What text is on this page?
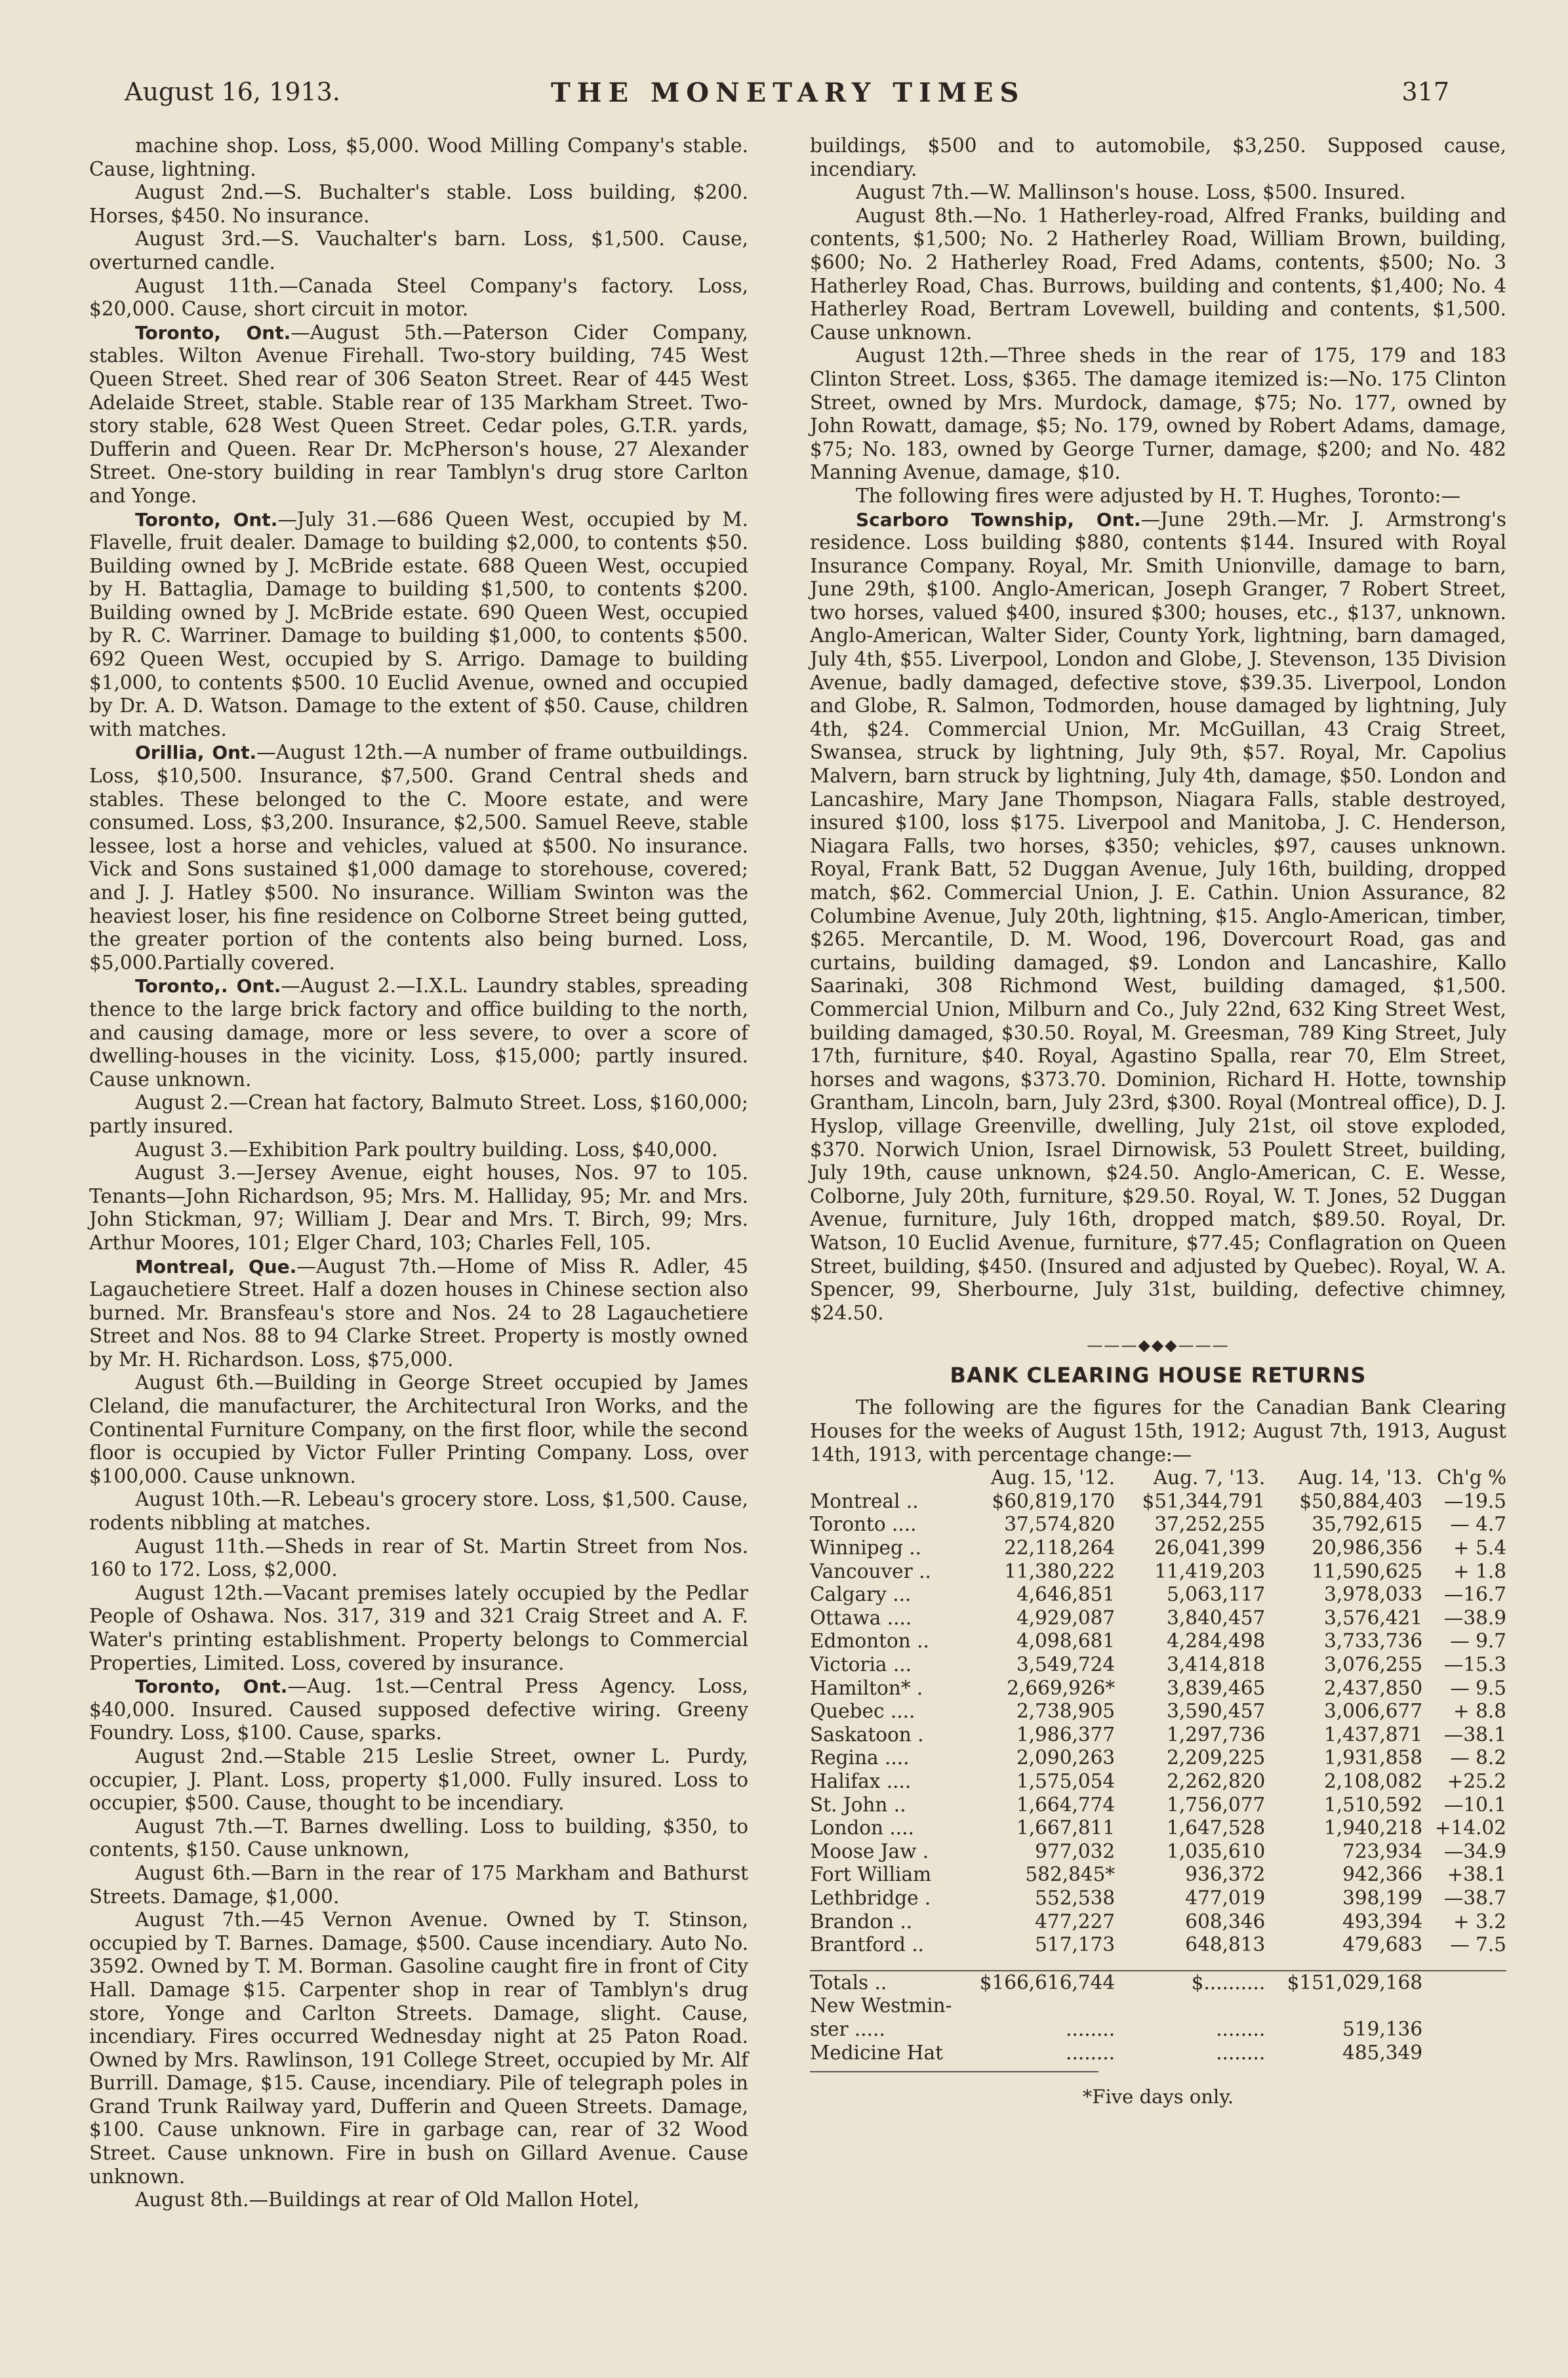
August 16, 1913.	THE MONETARY TIMES	317

machine shop. Loss, $5,000. Wood Milling Company's stable. Cause, lightning.

August 2nd.—S. Buchalter's stable. Loss building, $200. Horses, $450. No insurance.

August 3rd.—S. Vauchalter's barn. Loss, $1,500. Cause, overturned candle.

August 11th.—Canada Steel Company's factory. Loss, $20,000. Cause, short circuit in motor.

Toronto, Ont.—August 5th.—Paterson Cider Company, stables. Wilton Avenue Firehall. Two-story building, 745 West Queen Street. Shed rear of 306 Seaton Street. Rear of 445 West Adelaide Street, stable. Stable rear of 135 Markham Street. Two-story stable, 628 West Queen Street. Cedar poles, G.T.R. yards, Dufferin and Queen. Rear Dr. McPherson's house, 27 Alexander Street. One-story building in rear Tamblyn's drug store Carlton and Yonge.

Toronto, Ont.—July 31.—686 Queen West, occupied by M. Flavelle, fruit dealer. Damage to building $2,000, to contents $50. Building owned by J. McBride estate. 688 Queen West, occupied by H. Battaglia, Damage to building $1,500, to contents $200. Building owned by J. McBride estate. 690 Queen West, occupied by R. C. Warriner. Damage to building $1,000, to contents $500. 692 Queen West, occupied by S. Arrigo. Damage to building $1,000, to contents $500. 10 Euclid Avenue, owned and occupied by Dr. A. D. Watson. Damage to the extent of $50. Cause, children with matches.

Orillia, Ont.—August 12th.—A number of frame outbuildings. Loss, $10,500. Insurance, $7,500. Grand Central sheds and stables. These belonged to the C. Moore estate, and were consumed. Loss, $3,200. Insurance, $2,500. Samuel Reeve, stable lessee, lost a horse and vehicles, valued at $500. No insurance. Vick and Sons sustained $1,000 damage to storehouse, covered; and J. J. Hatley $500. No insurance. William Swinton was the heaviest loser, his fine residence on Colborne Street being gutted, the greater portion of the contents also being burned. Loss, $5,000.Partially covered.

Toronto,. Ont.—August 2.—I.X.L. Laundry stables, spreading thence to the large brick factory and office building to the north, and causing damage, more or less severe, to over a score of dwelling-houses in the vicinity. Loss, $15,000; partly insured. Cause unknown.

August 2.—Crean hat factory, Balmuto Street. Loss, $160,000; partly insured.

August 3.—Exhibition Park poultry building. Loss, $40,000.

August 3.—Jersey Avenue, eight houses, Nos. 97 to 105. Tenants—John Richardson, 95; Mrs. M. Halliday, 95; Mr. and Mrs. John Stickman, 97; William J. Dear and Mrs. T. Birch, 99; Mrs. Arthur Moores, 101; Elger Chard, 103; Charles Fell, 105.

Montreal, Que.—August 7th.—Home of Miss R. Adler, 45 Lagauchetiere Street. Half a dozen houses in Chinese section also burned. Mr. Bransfeau's store and Nos. 24 to 28 Lagauchetiere Street and Nos. 88 to 94 Clarke Street. Property is mostly owned by Mr. H. Richardson. Loss, $75,000.

August 6th.—Building in George Street occupied by James Cleland, die manufacturer, the Architectural Iron Works, and the Continental Furniture Company, on the first floor, while the second floor is occupied by Victor Fuller Printing Company. Loss, over $100,000. Cause unknown.

August 10th.—R. Lebeau's grocery store. Loss, $1,500. Cause, rodents nibbling at matches.

August 11th.—Sheds in rear of St. Martin Street from Nos. 160 to 172. Loss, $2,000.

August 12th.—Vacant premises lately occupied by the Pedlar People of Oshawa. Nos. 317, 319 and 321 Craig Street and A. F. Water's printing establishment. Property belongs to Commercial Properties, Limited. Loss, covered by insurance.

Toronto, Ont.—Aug. 1st.—Central Press Agency. Loss, $40,000. Insured. Caused supposed defective wiring. Greeny Foundry. Loss, $100. Cause, sparks.

August 2nd.—Stable 215 Leslie Street, owner L. Purdy, occupier, J. Plant. Loss, property $1,000. Fully insured. Loss to occupier, $500. Cause, thought to be incendiary.

August 7th.—T. Barnes dwelling. Loss to building, $350, to contents, $150. Cause unknown,

August 6th.—Barn in the rear of 175 Markham and Bathurst Streets. Damage, $1,000.

August 7th.—45 Vernon Avenue. Owned by T. Stinson, occupied by T. Barnes. Damage, $500. Cause incendiary. Auto No. 3592. Owned by T. M. Borman. Gasoline caught fire in front of City Hall. Damage $15. Carpenter shop in rear of Tamblyn's drug store, Yonge and Carlton Streets. Damage, slight. Cause, incendiary. Fires occurred Wednesday night at 25 Paton Road. Owned by Mrs. Rawlinson, 191 College Street, occupied by Mr. Alf Burrill. Damage, $15. Cause, incendiary. Pile of telegraph poles in Grand Trunk Railway yard, Dufferin and Queen Streets. Damage, $100. Cause unknown. Fire in garbage can, rear of 32 Wood Street. Cause unknown. Fire in bush on Gillard Avenue. Cause unknown.

August 8th.—Buildings at rear of Old Mallon Hotel,

buildings, $500 and to automobile, $3,250. Supposed cause, incendiary.

August 7th.—W. Mallinson's house. Loss, $500. Insured.

August 8th.—No. 1 Hatherley-road, Alfred Franks, building and contents, $1,500; No. 2 Hatherley Road, William Brown, building, $600; No. 2 Hatherley Road, Fred Adams, contents, $500; No. 3 Hatherley Road, Chas. Burrows, building and contents, $1,400; No. 4 Hatherley Road, Bertram Lovewell, building and contents, $1,500. Cause unknown.

August 12th.—Three sheds in the rear of 175, 179 and 183 Clinton Street. Loss, $365. The damage itemized is:—No. 175 Clinton Street, owned by Mrs. Murdock, damage, $75; No. 177, owned by John Rowatt, damage, $5; No. 179, owned by Robert Adams, damage, $75; No. 183, owned by George Turner, damage, $200; and No. 482 Manning Avenue, damage, $10.

The following fires were adjusted by H. T. Hughes, Toronto:—

Scarboro Township, Ont.—June 29th.—Mr. J. Armstrong's residence. Loss building $880, contents $144. Insured with Royal Insurance Company. Royal, Mr. Smith Unionville, damage to barn, June 29th, $100. Anglo-American, Joseph Granger, 7 Robert Street, two horses, valued $400, insured $300; houses, etc., $137, unknown. Anglo-American, Walter Sider, County York, lightning, barn damaged, July 4th, $55. Liverpool, London and Globe, J. Stevenson, 135 Division Avenue, badly damaged, defective stove, $39.35. Liverpool, London and Globe, R. Salmon, Todmorden, house damaged by lightning, July 4th, $24. Commercial Union, Mr. McGuillan, 43 Craig Street, Swansea, struck by lightning, July 9th, $57. Royal, Mr. Capolius Malvern, barn struck by lightning, July 4th, damage, $50. London and Lancashire, Mary Jane Thompson, Niagara Falls, stable destroyed, insured $100, loss $175. Liverpool and Manitoba, J. C. Henderson, Niagara Falls, two horses, $350; vehicles, $97, causes unknown. Royal, Frank Batt, 52 Duggan Avenue, July 16th, building, dropped match, $62. Commercial Union, J. E. Cathin. Union Assurance, 82 Columbine Avenue, July 20th, lightning, $15. Anglo-American, timber, $265. Mercantile, D. M. Wood, 196, Dovercourt Road, gas and curtains, building damaged, $9. London and Lancashire, Kallo Saarinaki, 308 Richmond West, building damaged, $1,500. Commercial Union, Milburn and Co., July 22nd, 632 King Street West, building damaged, $30.50. Royal, M. Greesman, 789 King Street, July 17th, furniture, $40. Royal, Agastino Spalla, rear 70, Elm Street, horses and wagons, $373.70. Dominion, Richard H. Hotte, township Grantham, Lincoln, barn, July 23rd, $300. Royal (Montreal office), D. J. Hyslop, village Greenville, dwelling, July 21st, oil stove exploded, $370. Norwich Union, Israel Dirnowisk, 53 Poulett Street, building, July 19th, cause unknown, $24.50. Anglo-American, C. E. Wesse, Colborne, July 20th, furniture, $29.50. Royal, W. T. Jones, 52 Duggan Avenue, furniture, July 16th, dropped match, $89.50. Royal, Dr. Watson, 10 Euclid Avenue, furniture, $77.45; Conflagration on Queen Street, building, $450. (Insured and adjusted by Quebec). Royal, W. A. Spencer, 99, Sherbourne, July 31st, building, defective chimney, $24.50.

———◆◆◆———
BANK CLEARING HOUSE RETURNS

The following are the figures for the Canadian Bank Clearing Houses for the weeks of August 15th, 1912; August 7th, 1913, August 14th, 1913, with percentage change:—

	Aug. 15, '12.	Aug. 7, '13.	Aug. 14, '13.	Ch'g %
Montreal ..	$60,819,170	$51,344,791	$50,884,403	—19.5
Toronto ....	37,574,820	37,252,255	35,792,615	— 4.7
Winnipeg ..	22,118,264	26,041,399	20,986,356	+ 5.4
Vancouver ..	11,380,222	11,419,203	11,590,625	+ 1.8
Calgary ...	4,646,851	5,063,117	3,978,033	—16.7
Ottawa ....	4,929,087	3,840,457	3,576,421	—38.9
Edmonton ..	4,098,681	4,284,498	3,733,736	— 9.7
Victoria ...	3,549,724	3,414,818	3,076,255	—15.3
Hamilton* .	2,669,926*	3,839,465	2,437,850	— 9.5
Quebec ....	2,738,905	3,590,457	3,006,677	+ 8.8
Saskatoon .	1,986,377	1,297,736	1,437,871	—38.1
Regina ....	2,090,263	2,209,225	1,931,858	— 8.2
Halifax ....	1,575,054	2,262,820	2,108,082	+25.2
St. John ..	1,664,774	1,756,077	1,510,592	—10.1
London ....	1,667,811	1,647,528	1,940,218	+14.02
Moose Jaw .	977,032	1,035,610	723,934	—34.9
Fort William	582,845*	936,372	942,366	+38.1
Lethbridge .	552,538	477,019	398,199	—38.7
Brandon ..	477,227	608,346	493,394	+ 3.2
Brantford ..	517,173	648,813	479,683	— 7.5

Totals ..	$166,616,744	$..........	$151,029,168	
New Westmin-				
ster .....	........	........	519,136	
Medicine Hat	........	........	485,349	
*Five days only.
